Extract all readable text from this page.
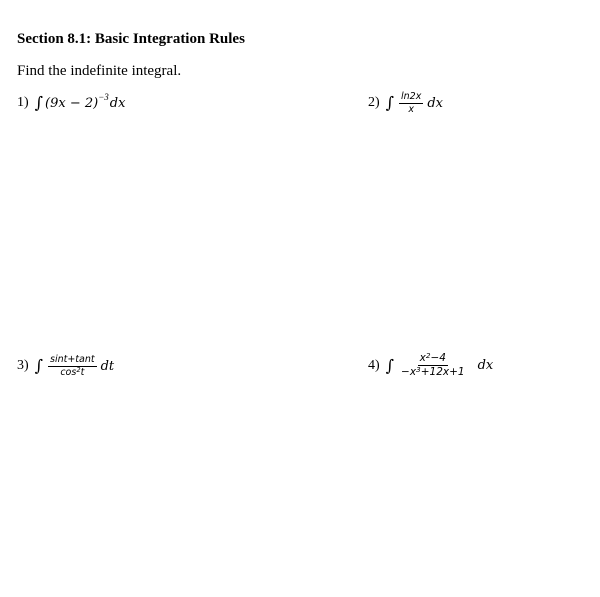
Section 8.1: Basic Integration Rules
Find the indefinite integral.
1) ∫ (9x − 2) −3 dx	2) ∫ $\frac{\ln 2x}{x}$ dx
3) ∫ $\frac{\sin t+\tan t}{\cos^2t}$ dt	4) ∫ $\frac{x^2-4}{-x^3+12x+1}$ dx
